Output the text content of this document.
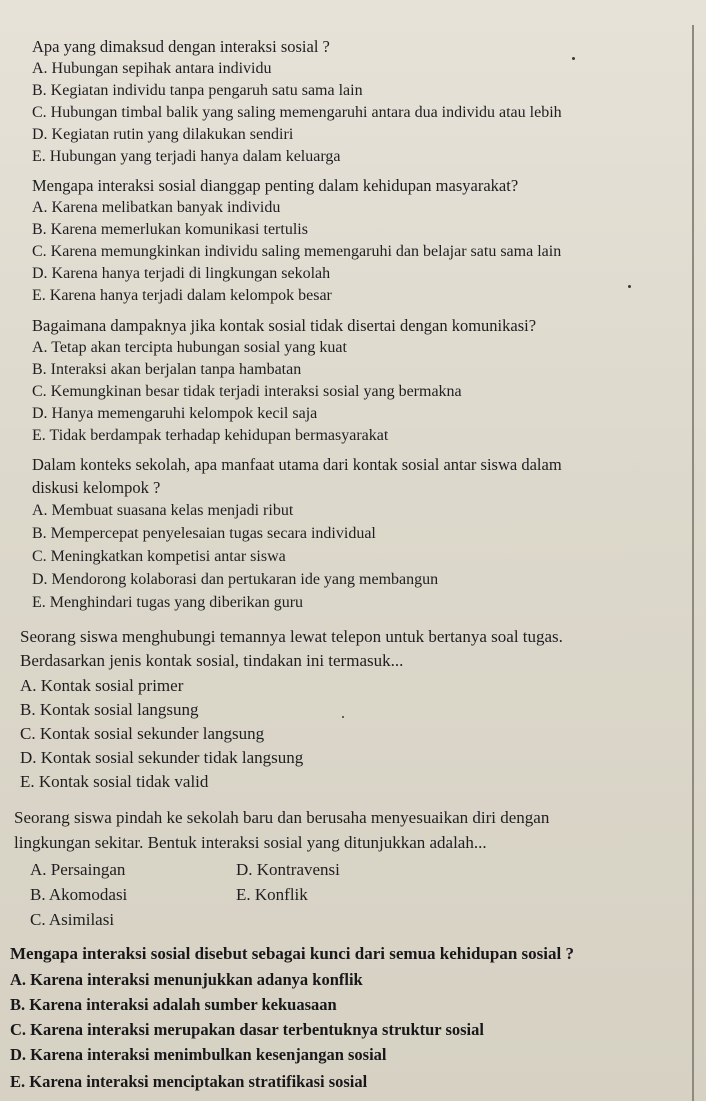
Apa yang dimaksud dengan interaksi sosial ?
A. Hubungan sepihak antara individu
B. Kegiatan individu tanpa pengaruh satu sama lain
C. Hubungan timbal balik yang saling memengaruhi antara dua individu atau lebih
D. Kegiatan rutin yang dilakukan sendiri
E. Hubungan yang terjadi hanya dalam keluarga
Mengapa interaksi sosial dianggap penting dalam kehidupan masyarakat?
A. Karena melibatkan banyak individu
B. Karena memerlukan komunikasi tertulis
C. Karena memungkinkan individu saling memengaruhi dan belajar satu sama lain
D. Karena hanya terjadi di lingkungan sekolah
E. Karena hanya terjadi dalam kelompok besar
Bagaimana dampaknya jika kontak sosial tidak disertai dengan komunikasi?
A. Tetap akan tercipta hubungan sosial yang kuat
B. Interaksi akan berjalan tanpa hambatan
C. Kemungkinan besar tidak terjadi interaksi sosial yang bermakna
D. Hanya memengaruhi kelompok kecil saja
E. Tidak berdampak terhadap kehidupan bermasyarakat
Dalam konteks sekolah, apa manfaat utama dari kontak sosial antar siswa dalam
diskusi kelompok ?
A. Membuat suasana kelas menjadi ribut
B. Mempercepat penyelesaian tugas secara individual
C. Meningkatkan kompetisi antar siswa
D. Mendorong kolaborasi dan pertukaran ide yang membangun
E. Menghindari tugas yang diberikan guru
Seorang siswa menghubungi temannya lewat telepon untuk bertanya soal tugas.
Berdasarkan jenis kontak sosial, tindakan ini termasuk...
A. Kontak sosial primer
B. Kontak sosial langsung
C. Kontak sosial sekunder langsung
D. Kontak sosial sekunder tidak langsung
E. Kontak sosial tidak valid
Seorang siswa pindah ke sekolah baru dan berusaha menyesuaikan diri dengan
lingkungan sekitar. Bentuk interaksi sosial yang ditunjukkan adalah...
A. Persaingan	D. Kontravensi
B. Akomodasi	E. Konflik
C. Asimilasi
Mengapa interaksi sosial disebut sebagai kunci dari semua kehidupan sosial ?
A. Karena interaksi menunjukkan adanya konflik
B. Karena interaksi adalah sumber kekuasaan
C. Karena interaksi merupakan dasar terbentuknya struktur sosial
D. Karena interaksi menimbulkan kesenjangan sosial
E. Karena interaksi menciptakan stratifikasi sosial
